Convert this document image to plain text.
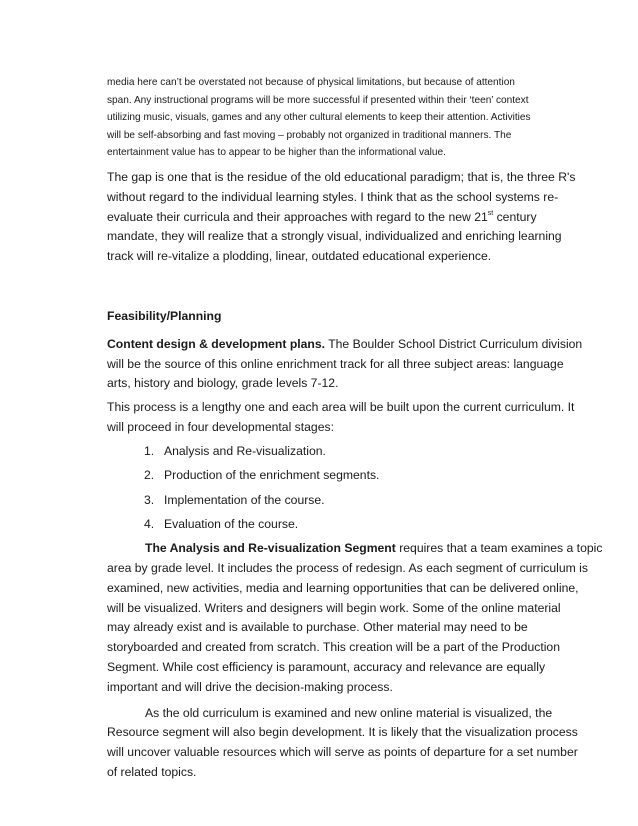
media here can’t be overstated not because of physical limitations, but because of attention
span. Any instructional programs will be more successful if presented within their ‘teen’ context
utilizing music, visuals, games and any other cultural elements to keep their attention. Activities
will be self-absorbing and fast moving – probably not organized in traditional manners. The
entertainment value has to appear to be higher than the informational value.
The gap is one that is the residue of the old educational paradigm; that is, the three R's
without regard to the individual learning styles. I think that as the school systems re-
evaluate their curricula and their approaches with regard to the new 21st century
mandate, they will realize that a strongly visual, individualized and enriching learning
track will re-vitalize a plodding, linear, outdated educational experience.
Feasibility/Planning
Content design & development plans. The Boulder School District Curriculum division
will be the source of this online enrichment track for all three subject areas: language
arts, history and biology, grade levels 7-12.
This process is a lengthy one and each area will be built upon the current curriculum. It
will proceed in four developmental stages:
1. Analysis and Re-visualization.
2. Production of the enrichment segments.
3. Implementation of the course.
4. Evaluation of the course.
The Analysis and Re-visualization Segment requires that a team examines a topic
area by grade level. It includes the process of redesign. As each segment of curriculum is
examined, new activities, media and learning opportunities that can be delivered online,
will be visualized. Writers and designers will begin work. Some of the online material
may already exist and is available to purchase. Other material may need to be
storyboarded and created from scratch. This creation will be a part of the Production
Segment. While cost efficiency is paramount, accuracy and relevance are equally
important and will drive the decision-making process.
As the old curriculum is examined and new online material is visualized, the
Resource segment will also begin development. It is likely that the visualization process
will uncover valuable resources which will serve as points of departure for a set number
of related topics.
